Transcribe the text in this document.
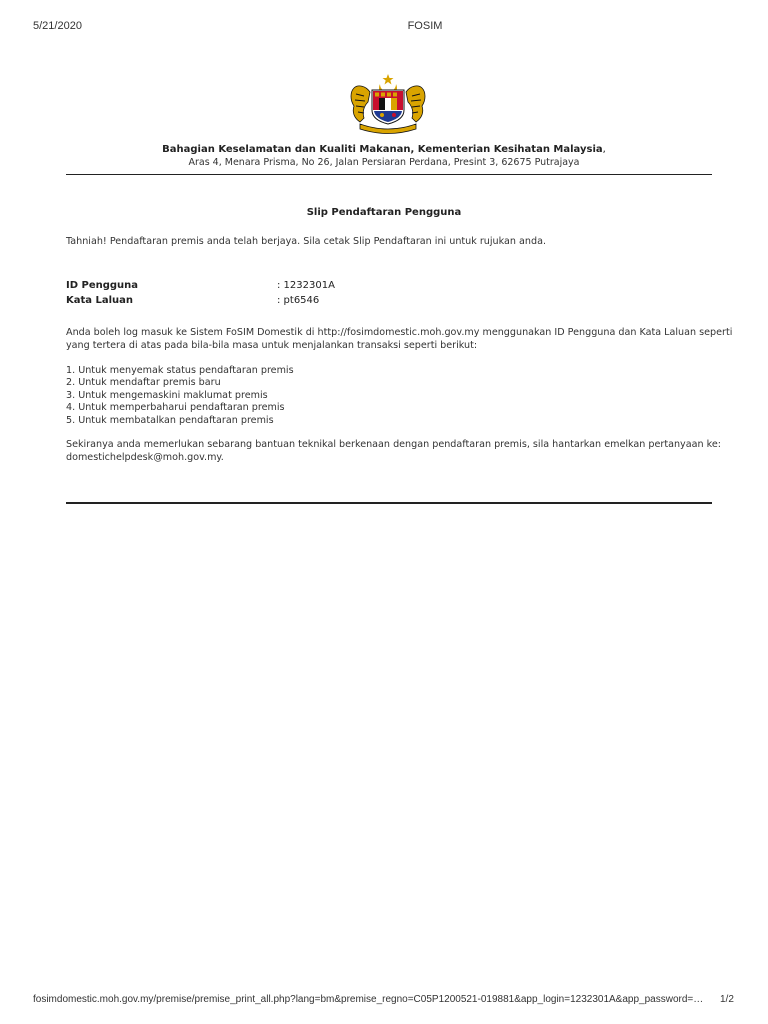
5/21/2020	FOSIM
Bahagian Keselamatan dan Kualiti Makanan, Kementerian Kesihatan Malaysia,
Aras 4, Menara Prisma, No 26, Jalan Persiaran Perdana, Presint 3, 62675 Putrajaya
Slip Pendaftaran Pengguna
Tahniah! Pendaftaran premis anda telah berjaya. Sila cetak Slip Pendaftaran ini untuk rujukan anda.
ID Pengguna	: 1232301A
Kata Laluan	: pt6546
Anda boleh log masuk ke Sistem FoSIM Domestik di http://fosimdomestic.moh.gov.my menggunakan ID Pengguna dan Kata Laluan seperti
yang tertera di atas pada bila-bila masa untuk menjalankan transaksi seperti berikut:
1. Untuk menyemak status pendaftaran premis
2. Untuk mendaftar premis baru
3. Untuk mengemaskini maklumat premis
4. Untuk memperbaharui pendaftaran premis
5. Untuk membatalkan pendaftaran premis
Sekiranya anda memerlukan sebarang bantuan teknikal berkenaan dengan pendaftaran premis, sila hantarkan emelkan pertanyaan ke:
domestichelpdesk@moh.gov.my.
fosimdomestic.moh.gov.my/premise/premise_print_all.php?lang=bm&premise_regno=C05P1200521-019881&app_login=1232301A&app_password=… 1/2
